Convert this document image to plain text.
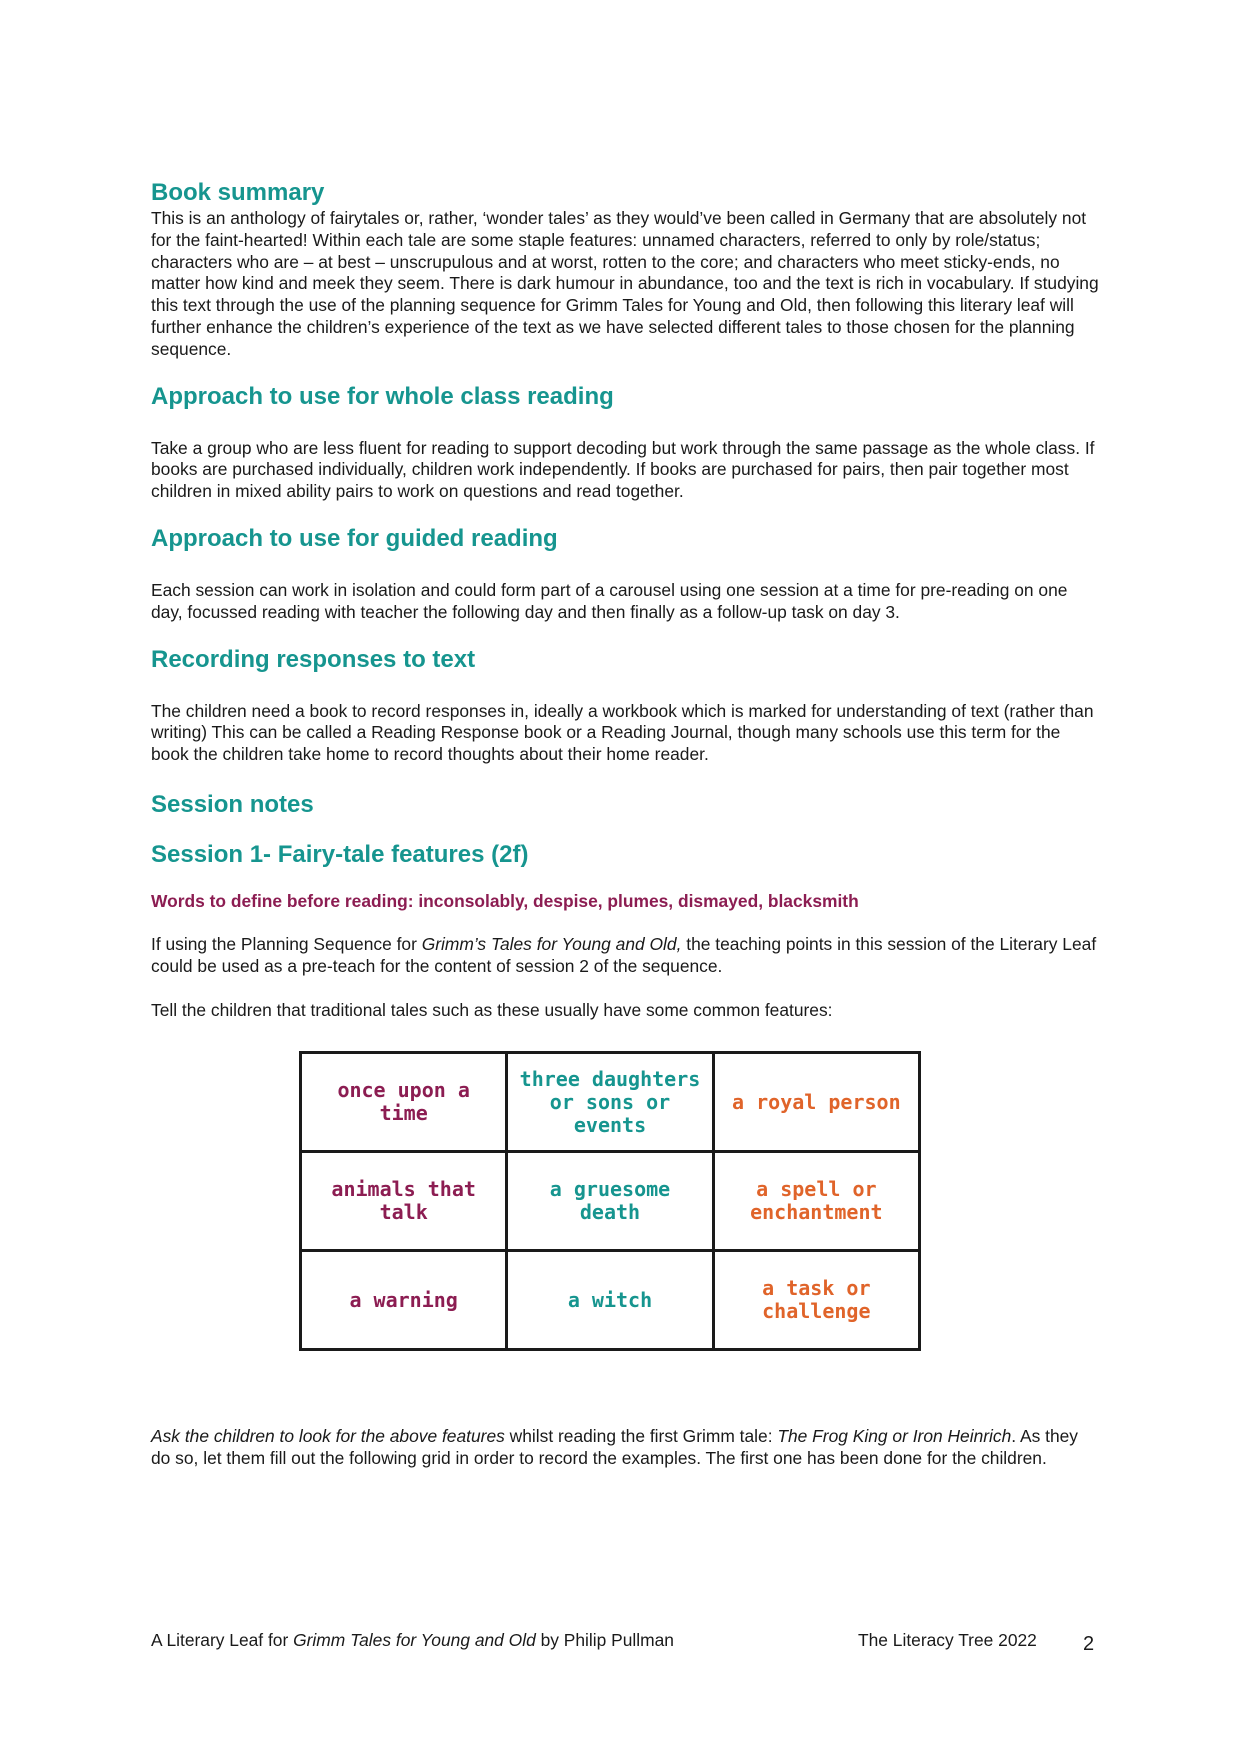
Book summary

This is an anthology of fairytales or, rather, ‘wonder tales’ as they would’ve been called in Germany that are absolutely not for the faint-hearted! Within each tale are some staple features: unnamed characters, referred to only by role/status; characters who are – at best – unscrupulous and at worst, rotten to the core; and characters who meet sticky-ends, no matter how kind and meek they seem. There is dark humour in abundance, too and the text is rich in vocabulary. If studying this text through the use of the planning sequence for Grimm Tales for Young and Old, then following this literary leaf will further enhance the children’s experience of the text as we have selected different tales to those chosen for the planning sequence.

Approach to use for whole class reading

Take a group who are less fluent for reading to support decoding but work through the same passage as the whole class. If books are purchased individually, children work independently. If books are purchased for pairs, then pair together most children in mixed ability pairs to work on questions and read together.

Approach to use for guided reading

Each session can work in isolation and could form part of a carousel using one session at a time for pre-reading on one day, focussed reading with teacher the following day and then finally as a follow-up task on day 3.

Recording responses to text

The children need a book to record responses in, ideally a workbook which is marked for understanding of text (rather than writing) This can be called a Reading Response book or a Reading Journal, though many schools use this term for the book the children take home to record thoughts about their home reader.

Session notes
Session 1- Fairy-tale features (2f)

Words to define before reading: inconsolably, despise, plumes, dismayed, blacksmith

If using the Planning Sequence for Grimm’s Tales for Young and Old, the teaching points in this session of the Literary Leaf could be used as a pre-teach for the content of session 2 of the sequence.

Tell the children that traditional tales such as these usually have some common features:

once upon a time	three daughters or sons or events	a royal person
animals that talk	a gruesome death	a spell or enchantment
a warning	a witch	a task or challenge

Ask the children to look for the above features whilst reading the first Grimm tale: The Frog King or Iron Heinrich. As they do so, let them fill out the following grid in order to record the examples. The first one has been done for the children.

A Literary Leaf for Grimm Tales for Young and Old by Philip Pullman	The Literacy Tree 2022 2
